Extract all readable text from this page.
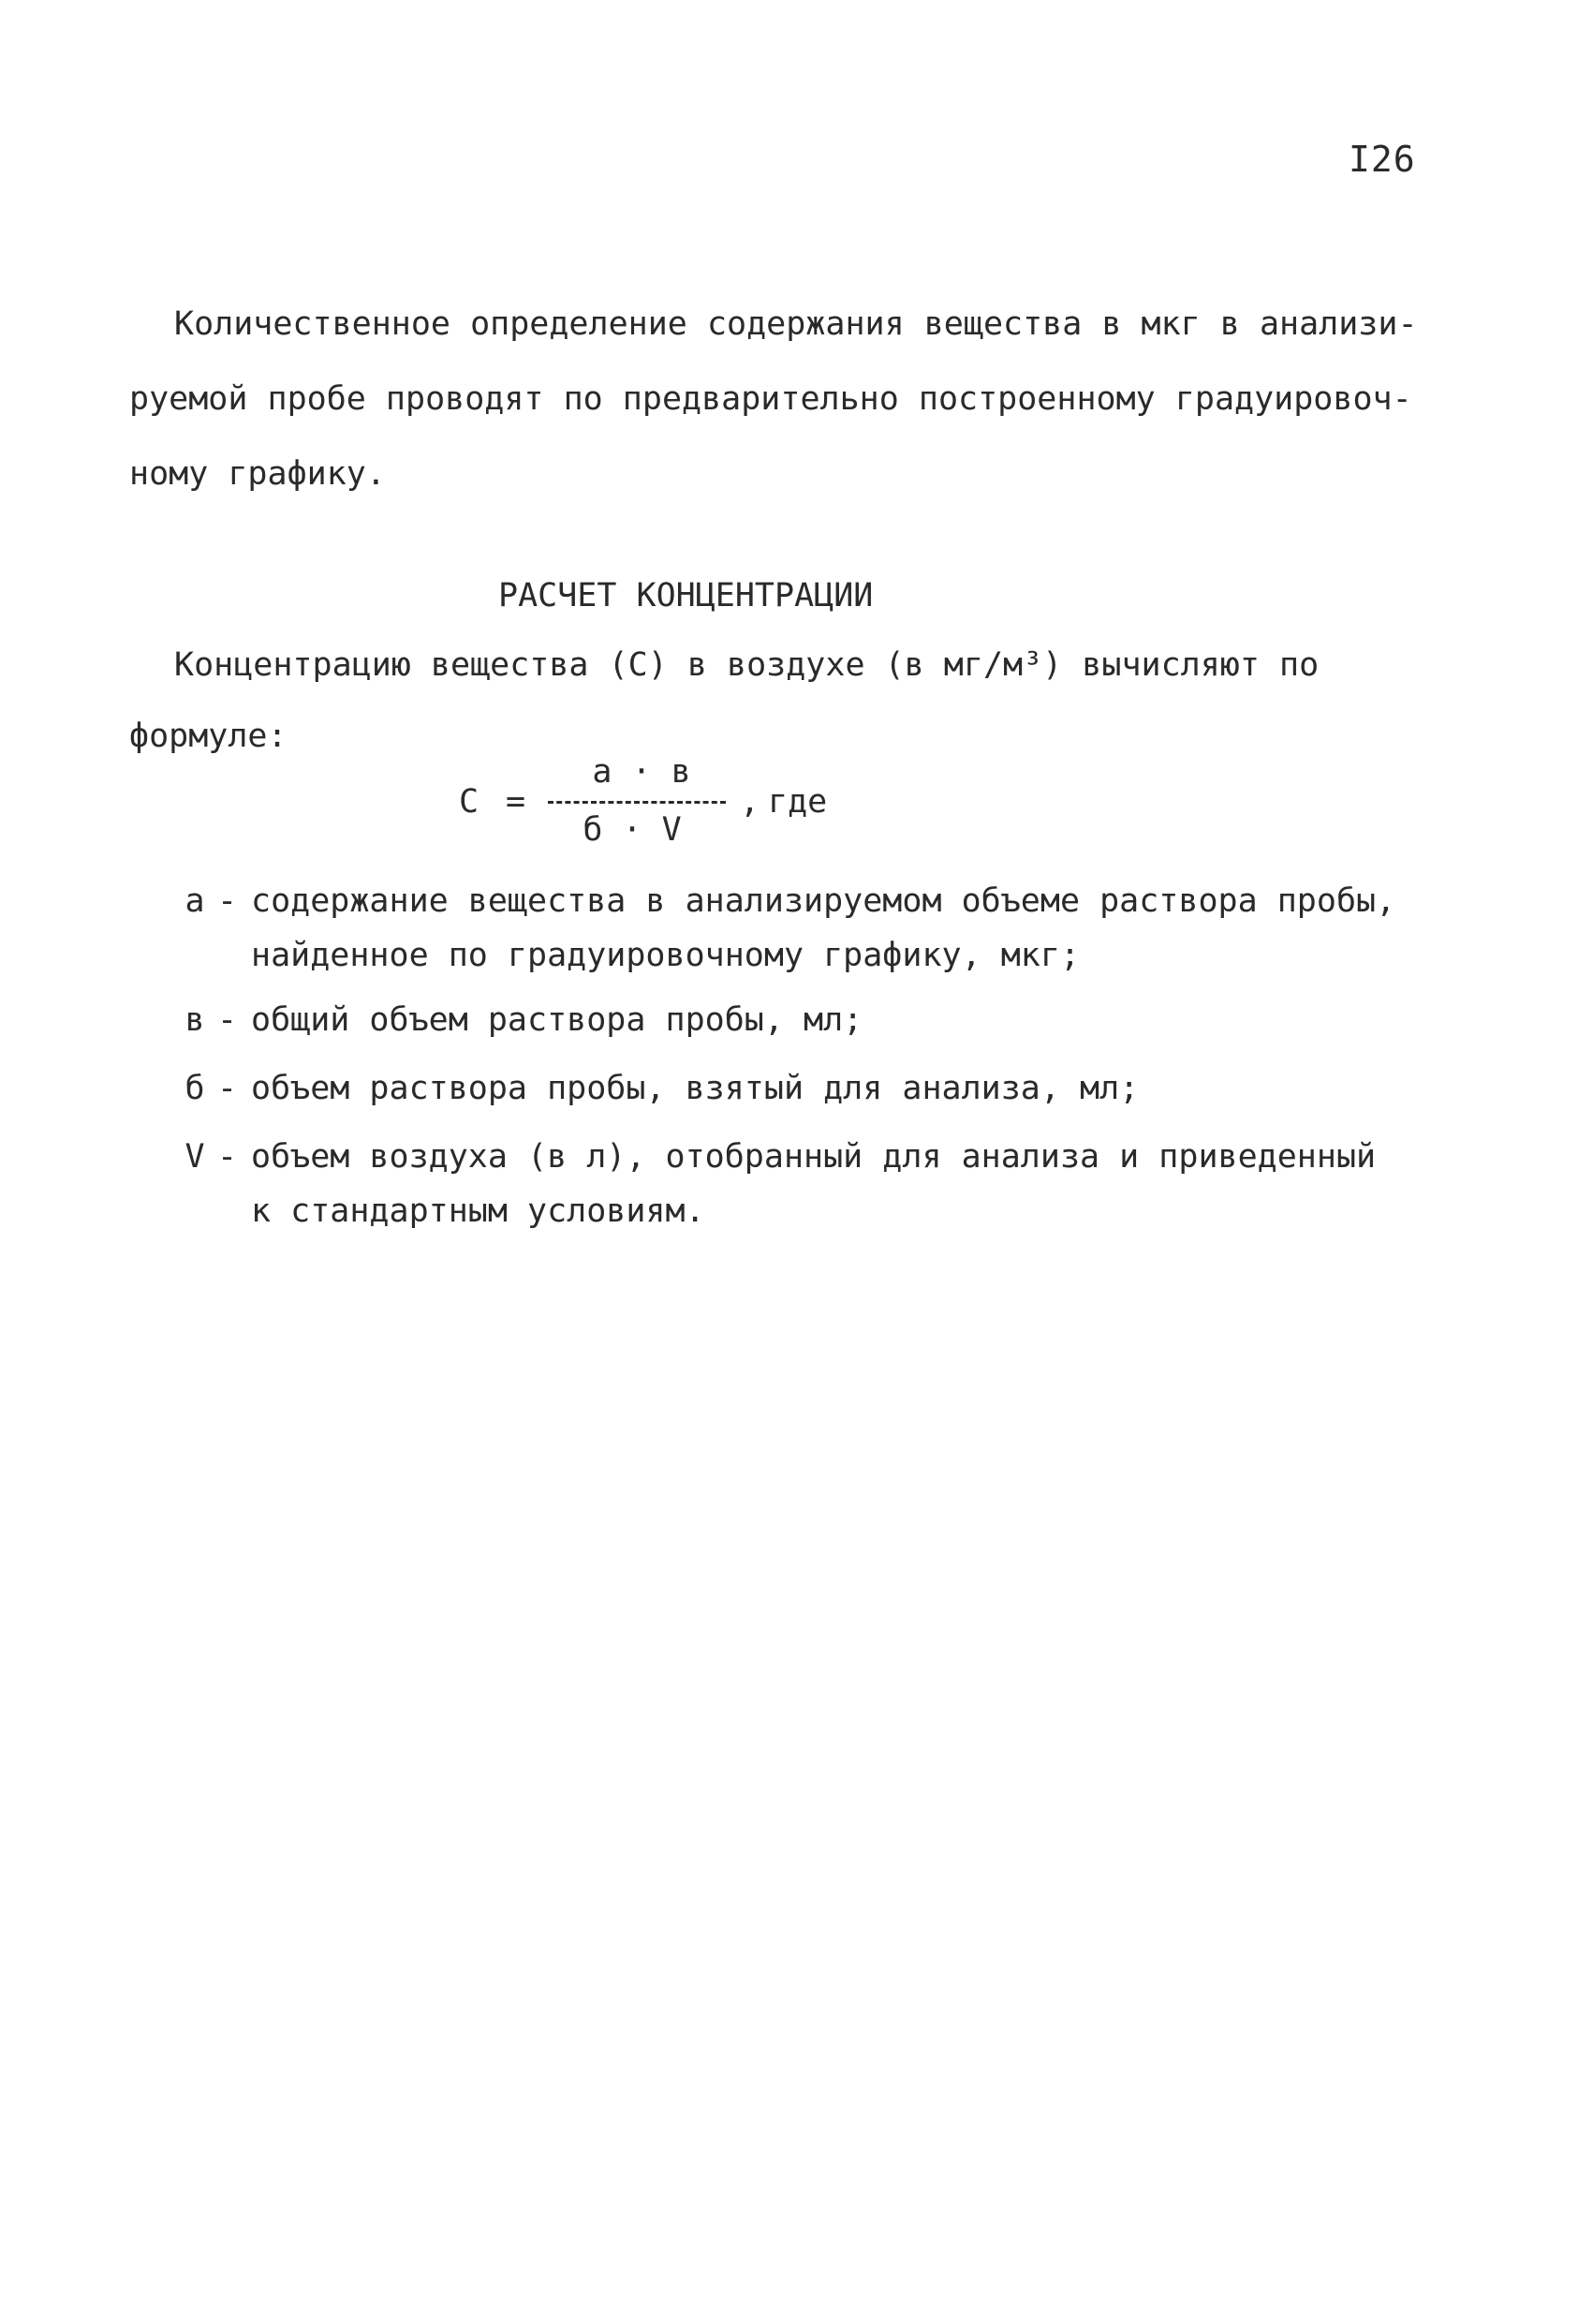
I26
Количественное определение содержания вещества в мкг в анализи-
руемой пробе проводят по предварительно построенному градуировоч-
ному графику.
РАСЧЕТ КОНЦЕНТРАЦИИ
Концентрацию вещества (С) в воздухе (в мг/м³) вычисляют по
формуле:
С =
а · в
б · V
, где
а - содержание вещества в анализируемом объеме раствора пробы,
найденное по градуировочному графику, мкг;
в - общий объем раствора пробы, мл;
б - объем раствора пробы, взятый для анализа, мл;
V - объем воздуха (в л), отобранный для анализа и приведенный
к стандартным условиям.
